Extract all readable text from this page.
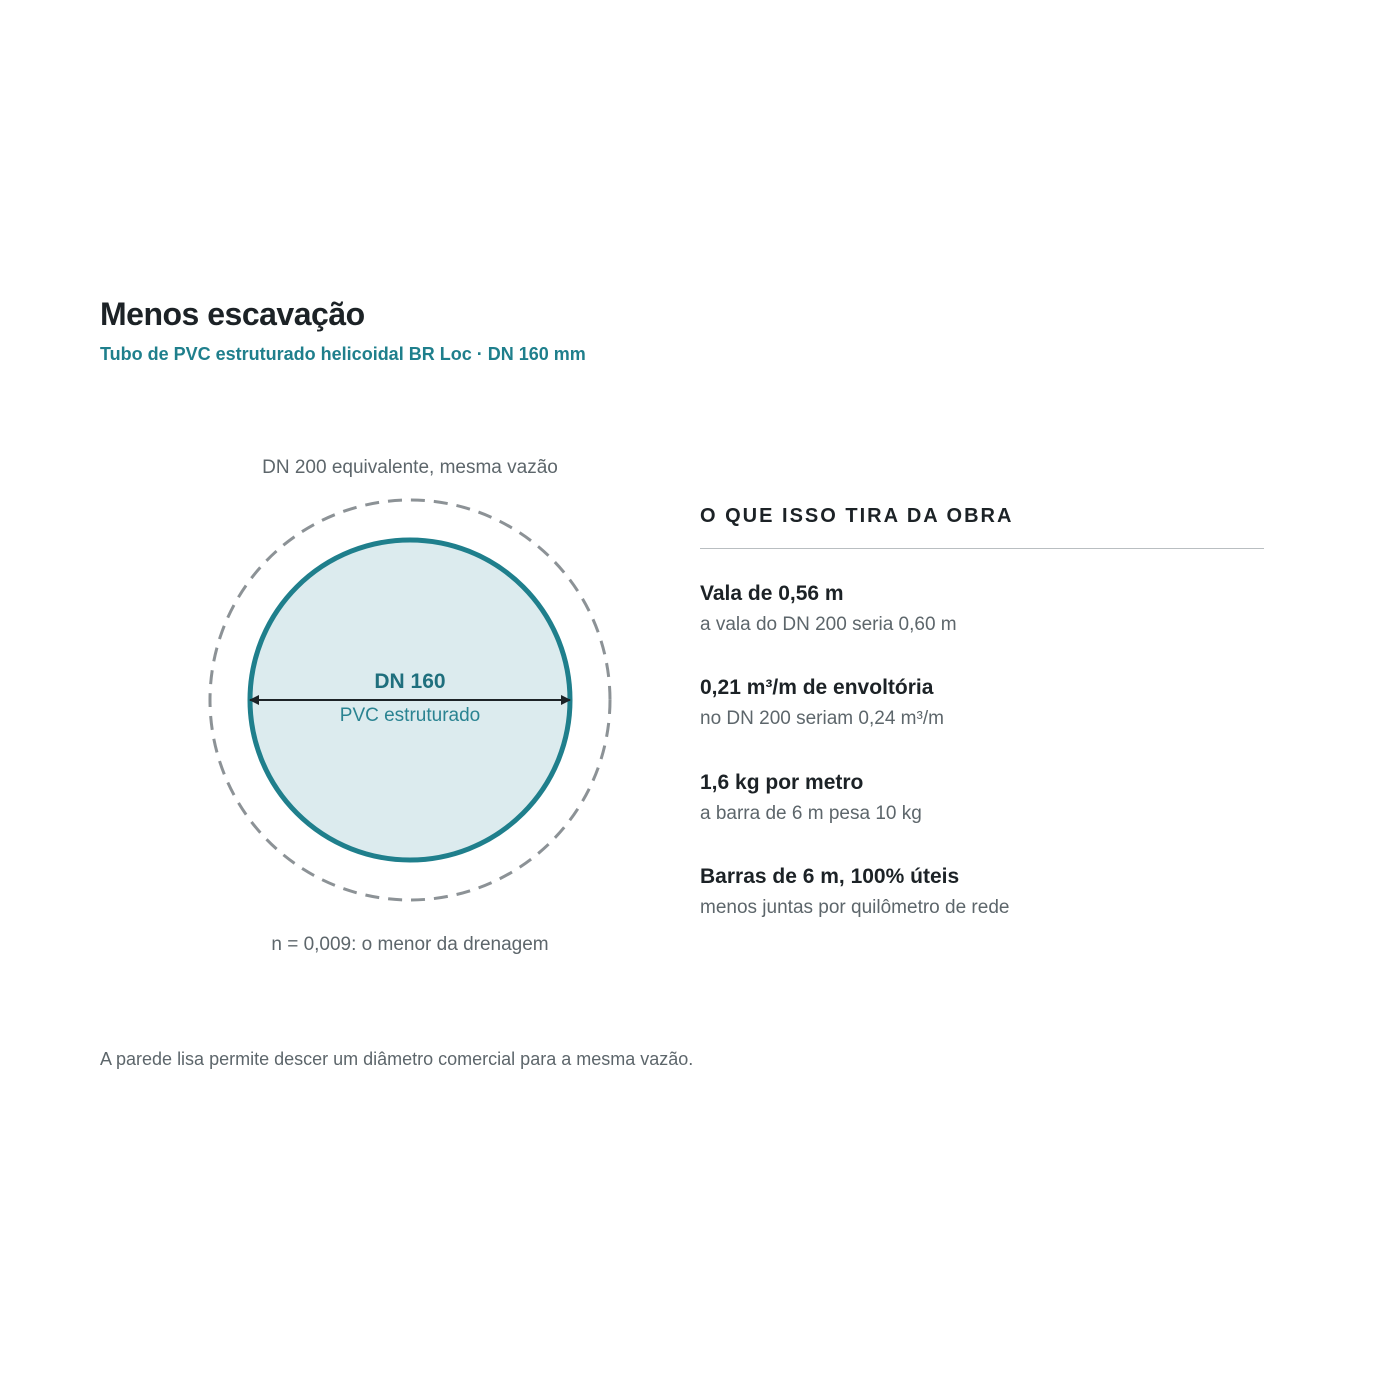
Menos escavação

Tubo de PVC estruturado helicoidal BR Loc · DN 160 mm

DN 200 equivalente, mesma vazão
DN 160
PVC estruturado
n = 0,009: o menor da drenagem
O QUE ISSO TIRA DA OBRA
Vala de 0,56 m
a vala do DN 200 seria 0,60 m
0,21 m³/m de envoltória
no DN 200 seriam 0,24 m³/m
1,6 kg por metro
a barra de 6 m pesa 10 kg
Barras de 6 m, 100% úteis
menos juntas por quilômetro de rede

A parede lisa permite descer um diâmetro comercial para a mesma vazão.
